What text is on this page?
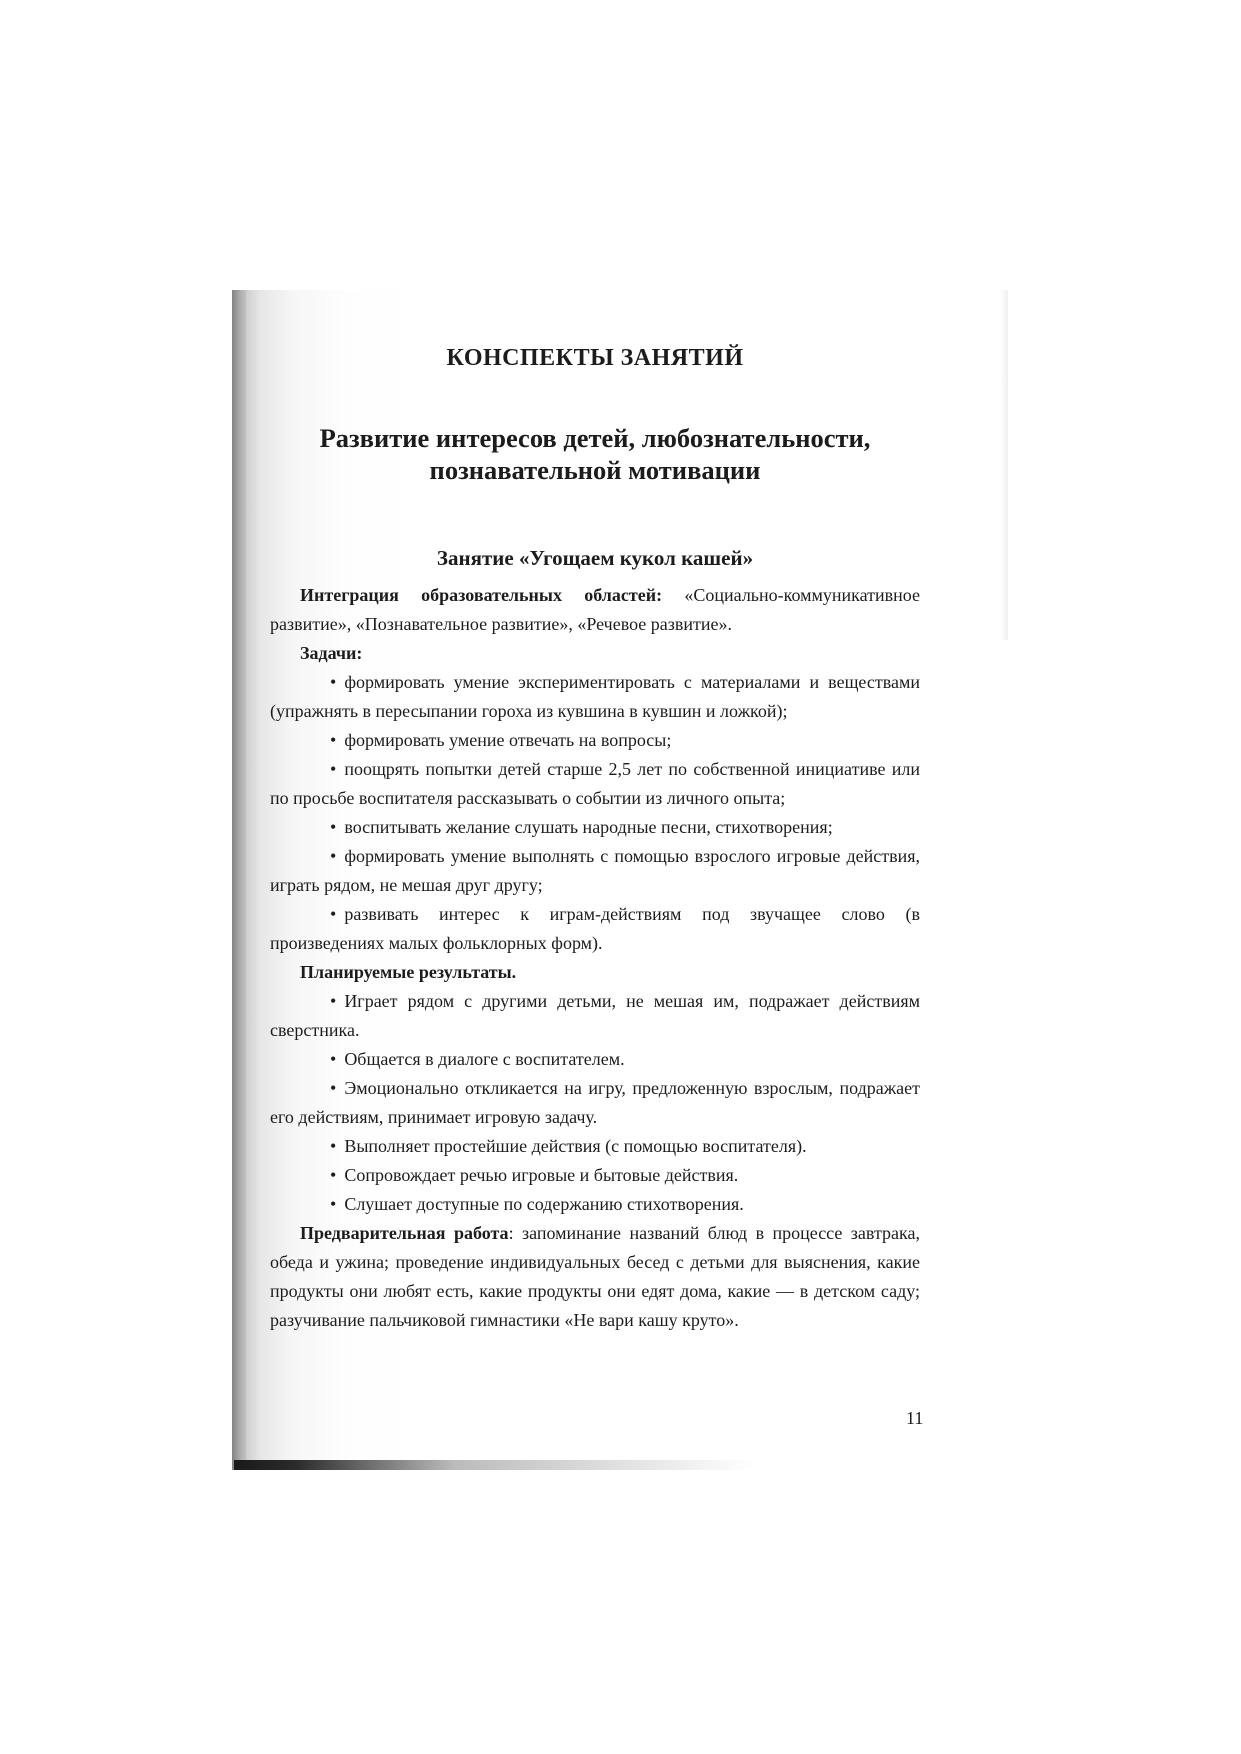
КОНСПЕКТЫ ЗАНЯТИЙ
Развитие интересов детей, любознательности,
познавательной мотивации
Занятие «Угощаем кукол кашей»

Интеграция образовательных областей: «Социально-коммуникативное развитие», «Познавательное развитие», «Речевое развитие».

Задачи:

• формировать умение экспериментировать с материалами и веществами (упражнять в пересыпании гороха из кувшина в кувшин и ложкой);

• формировать умение отвечать на вопросы;

• поощрять попытки детей старше 2,5 лет по собственной инициативе или по просьбе воспитателя рассказывать о событии из личного опыта;

• воспитывать желание слушать народные песни, стихотворения;

• формировать умение выполнять с помощью взрослого игровые действия, играть рядом, не мешая друг другу;

• развивать интерес к играм-действиям под звучащее слово (в произведениях малых фольклорных форм).

Планируемые результаты.

• Играет рядом с другими детьми, не мешая им, подражает действиям сверстника.

• Общается в диалоге с воспитателем.

• Эмоционально откликается на игру, предложенную взрослым, подражает его действиям, принимает игровую задачу.

• Выполняет простейшие действия (с помощью воспитателя).

• Сопровождает речью игровые и бытовые действия.

• Слушает доступные по содержанию стихотворения.

Предварительная работа: запоминание названий блюд в процессе завтрака, обеда и ужина; проведение индивидуальных бесед с детьми для выяснения, какие продукты они любят есть, какие продукты они едят дома, какие — в детском саду; разучивание пальчиковой гимнастики «Не вари кашу круто».

11
